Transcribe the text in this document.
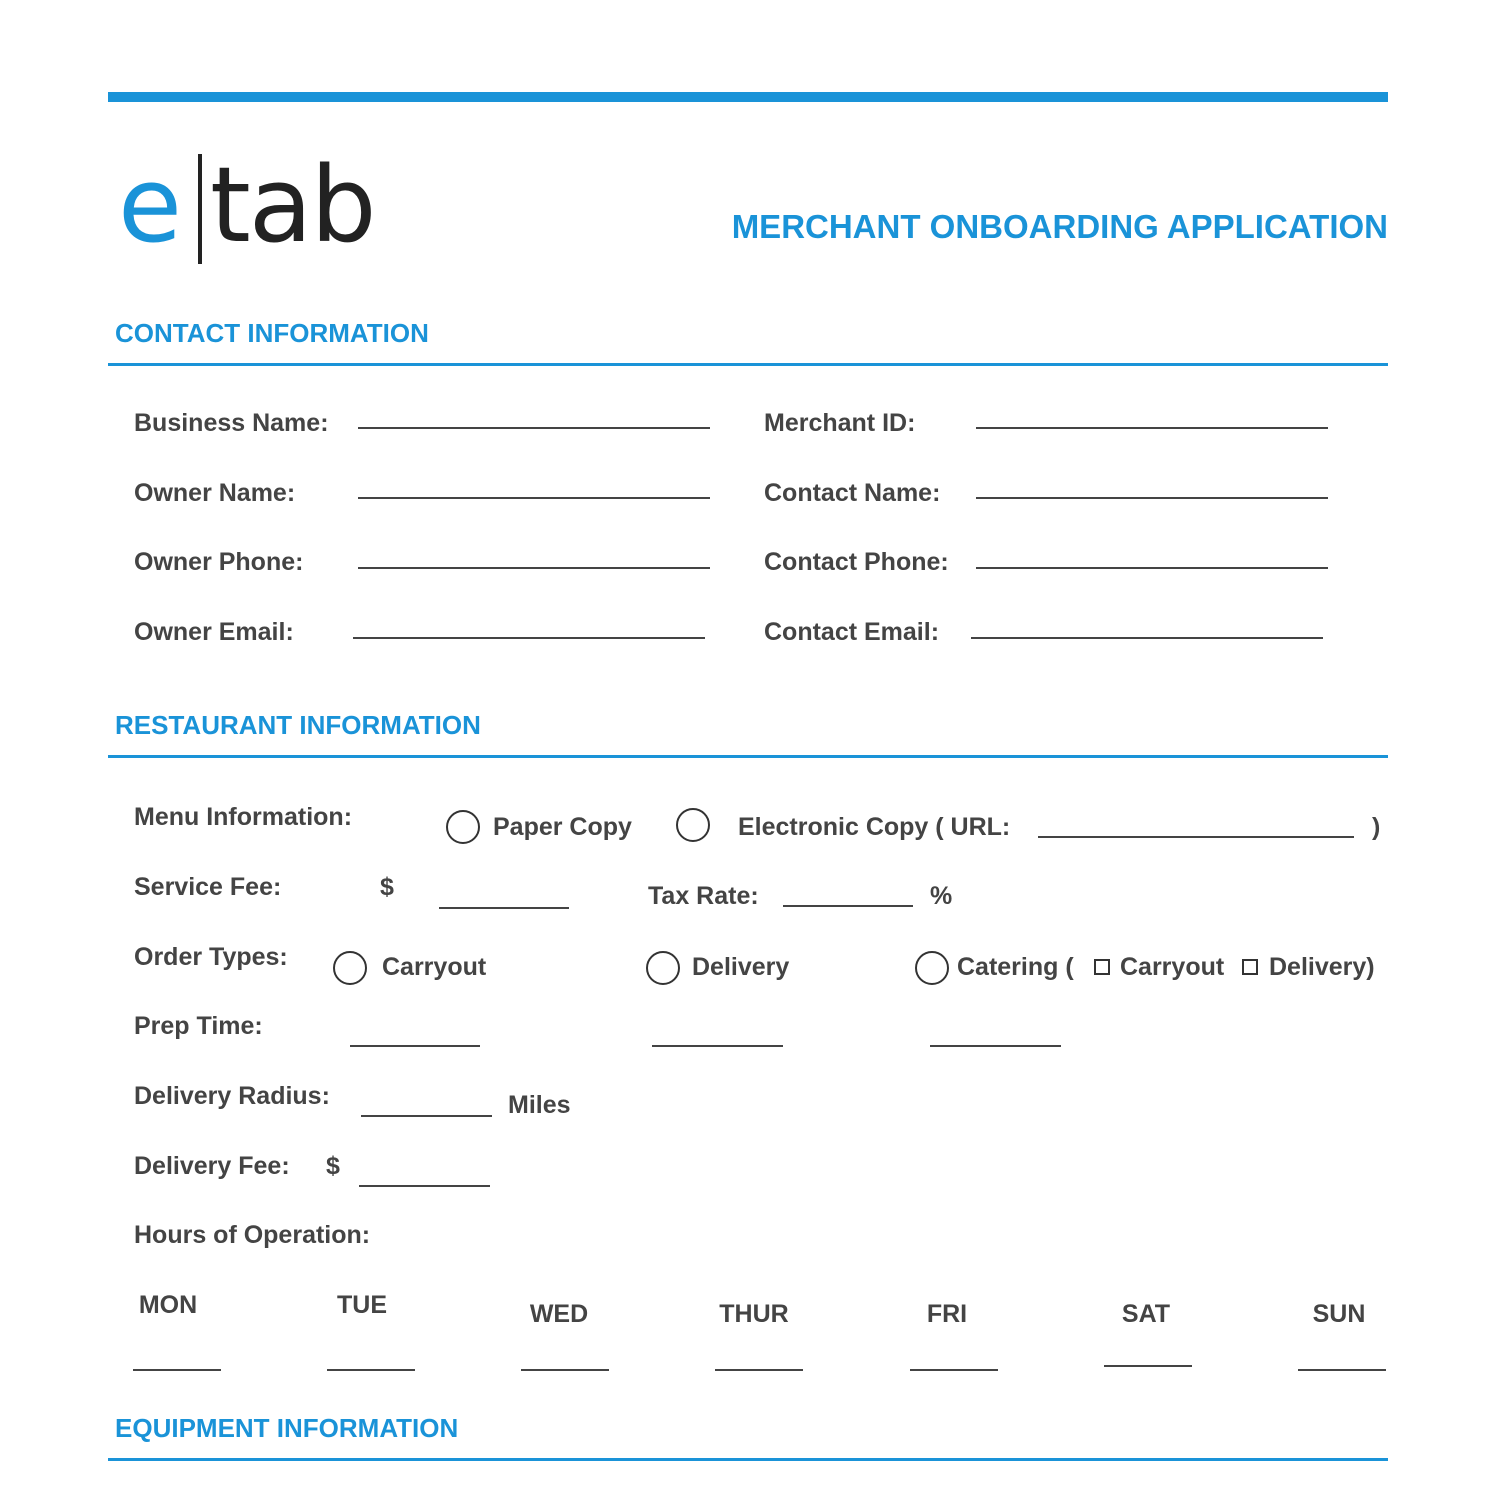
e tab	MERCHANT ONBOARDING APPLICATION
CONTACT INFORMATION
Business Name:	Merchant ID:
Owner Name:	Contact Name:
Owner Phone:	Contact Phone:
Owner Email:	Contact Email:
RESTAURANT INFORMATION
Menu Information:	Paper Copy	Electronic Copy ( URL:	)
Service Fee:	$	Tax Rate:	%
Order Types:	Carryout	Delivery	Catering ( Carryout Delivery)
Prep Time:
Delivery Radius:	Miles
Delivery Fee: $
Hours of Operation:
MON	TUE	WED	THUR	FRI	SAT	SUN
EQUIPMENT INFORMATION
